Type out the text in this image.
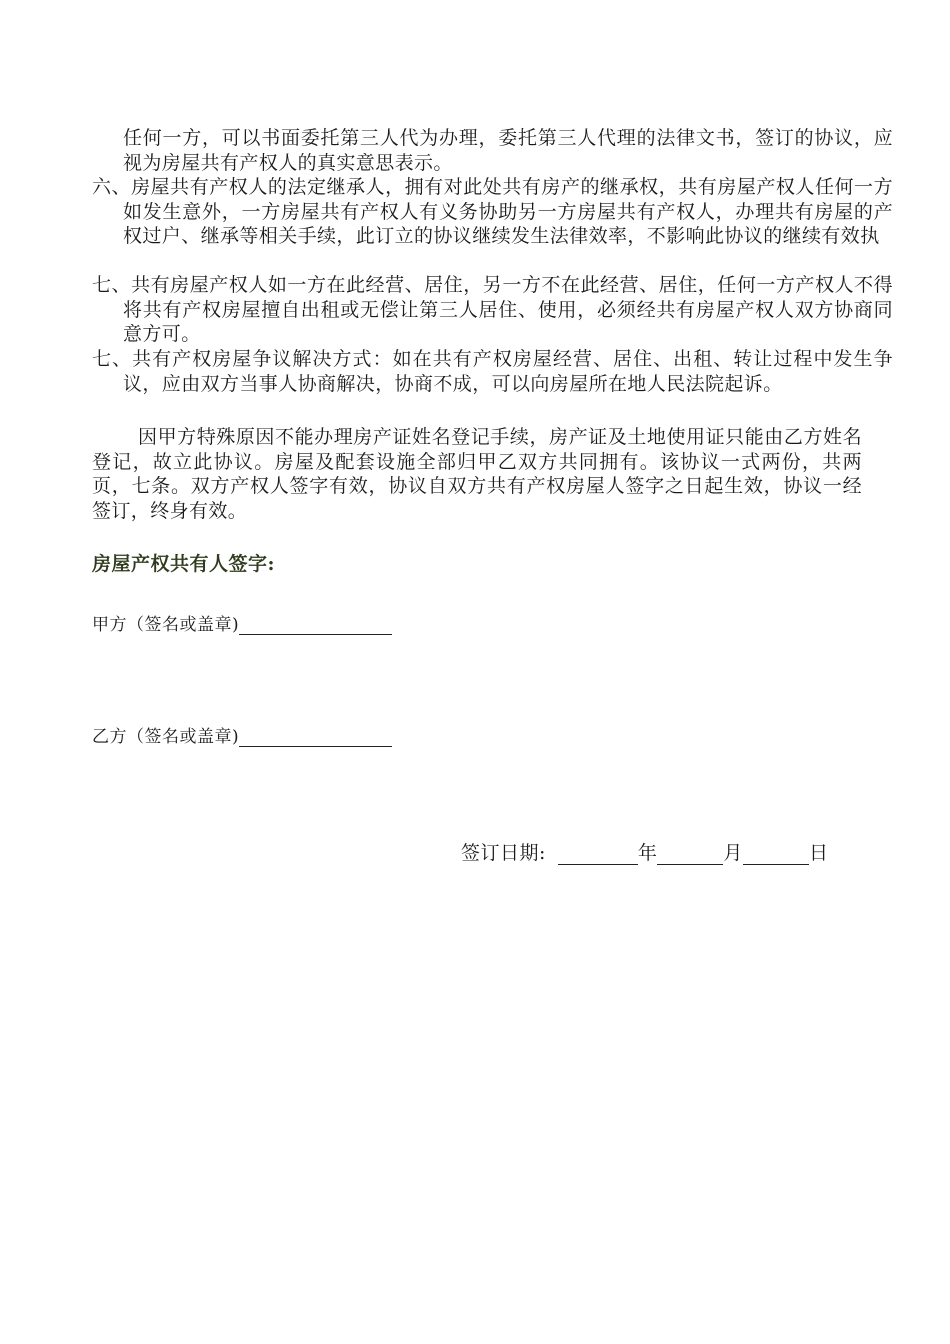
任何一方，可以书面委托第三人代为办理，委托第三人代理的法律文书，签订的协议，应视为房屋共有产权人的真实意思表示。
六、房屋共有产权人的法定继承人，拥有对此处共有房产的继承权，共有房屋产权人任何一方如发生意外，一方房屋共有产权人有义务协助另一方房屋共有产权人，办理共有房屋的产权过户、继承等相关手续，此订立的协议继续发生法律效率，不影响此协议的继续有效执
七、共有房屋产权人如一方在此经营、居住，另一方不在此经营、居住，任何一方产权人不得将共有产权房屋擅自出租或无偿让第三人居住、使用，必须经共有房屋产权人双方协商同意方可。
七、共有产权房屋争议解决方式：如在共有产权房屋经营、居住、出租、转让过程中发生争议，应由双方当事人协商解决，协商不成，可以向房屋所在地人民法院起诉。
因甲方特殊原因不能办理房产证姓名登记手续，房产证及土地使用证只能由乙方姓名登记，故立此协议。房屋及配套设施全部归甲乙双方共同拥有。该协议一式两份，共两页，七条。双方产权人签字有效，协议自双方共有产权房屋人签字之日起生效，协议一经签订，终身有效。
房屋产权共有人签字:
甲方（签名或盖章)
乙方（签名或盖章)
签订日期:	年	月	日
